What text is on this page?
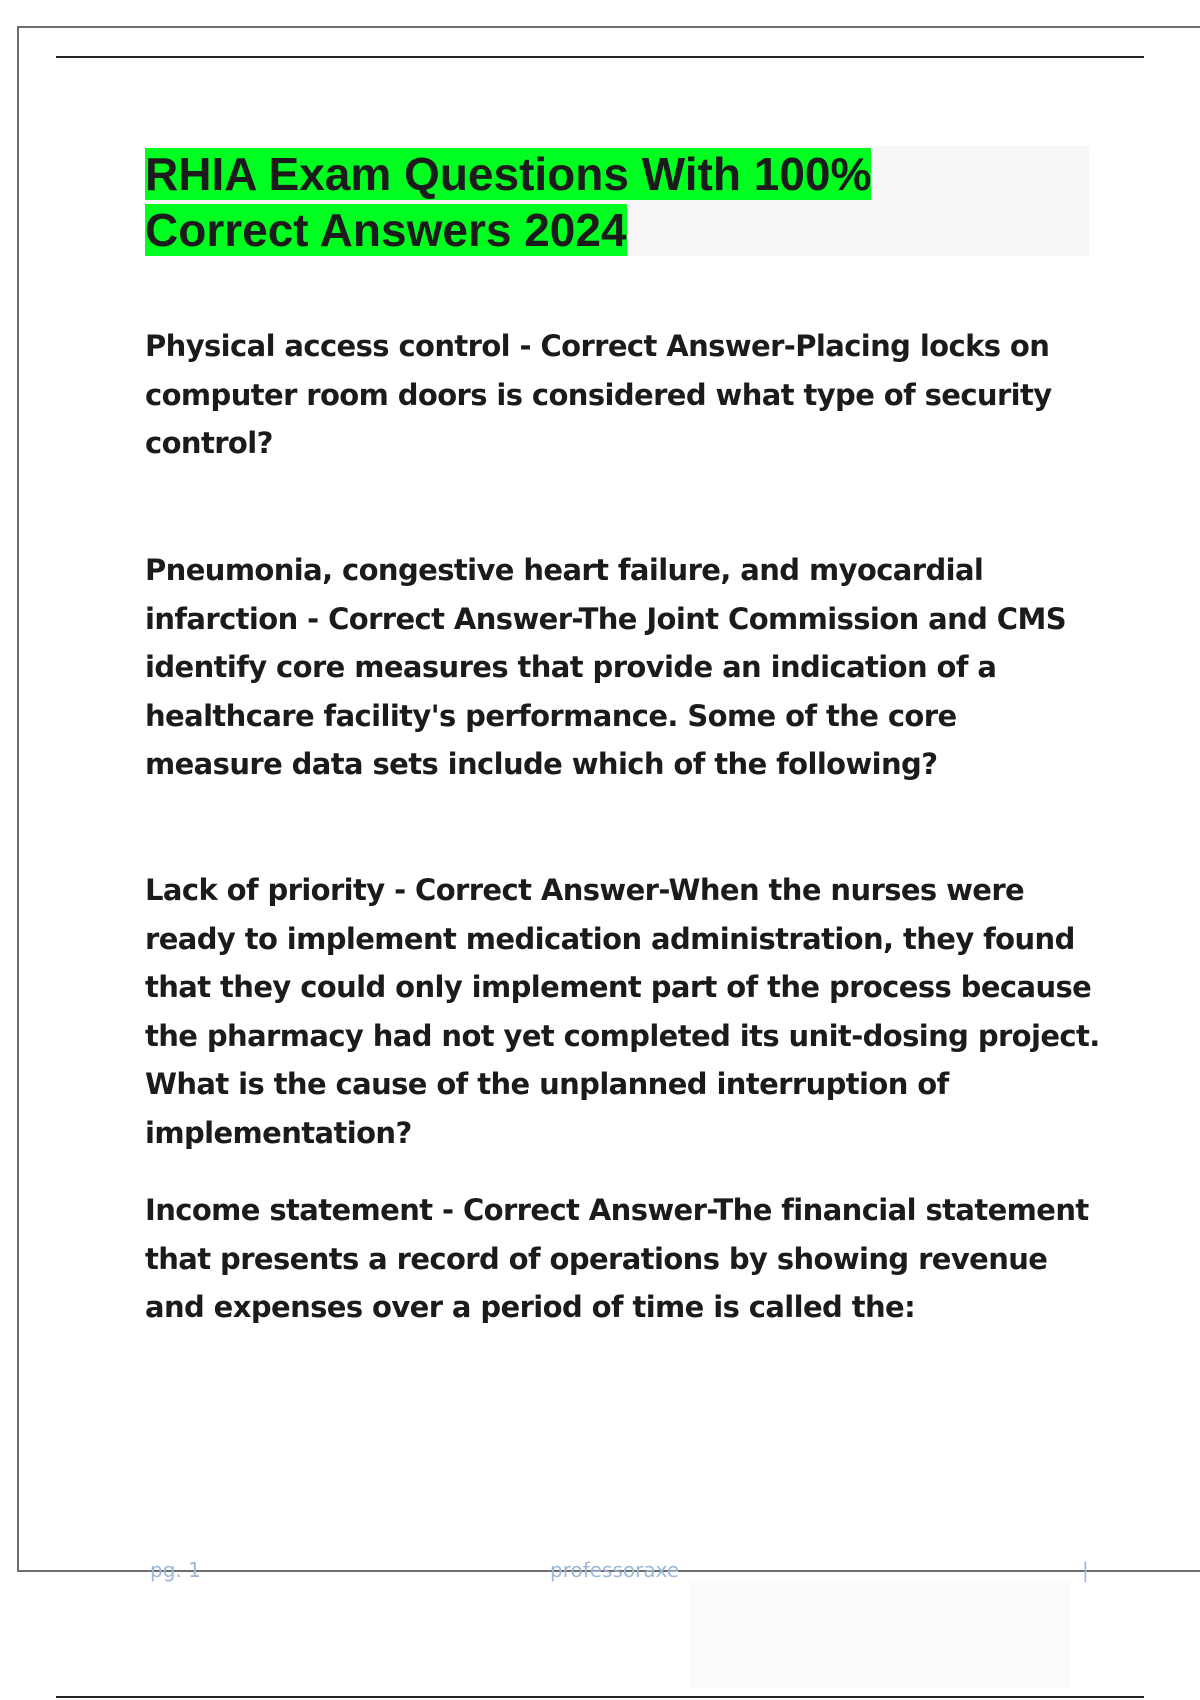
RHIA Exam Questions With 100% Correct Answers 2024

Physical access control - Correct Answer-Placing locks on computer room doors is considered what type of security control?

Pneumonia, congestive heart failure, and myocardial infarction - Correct Answer-The Joint Commission and CMS identify core measures that provide an indication of a healthcare facility's performance. Some of the core measure data sets include which of the following?

Lack of priority - Correct Answer-When the nurses were ready to implement medication administration, they found that they could only implement part of the process because the pharmacy had not yet completed its unit-dosing project. What is the cause of the unplanned interruption of implementation?

Income statement - Correct Answer-The financial statement that presents a record of operations by showing revenue and expenses over a period of time is called the:

pg. 1	professoraxe	|
